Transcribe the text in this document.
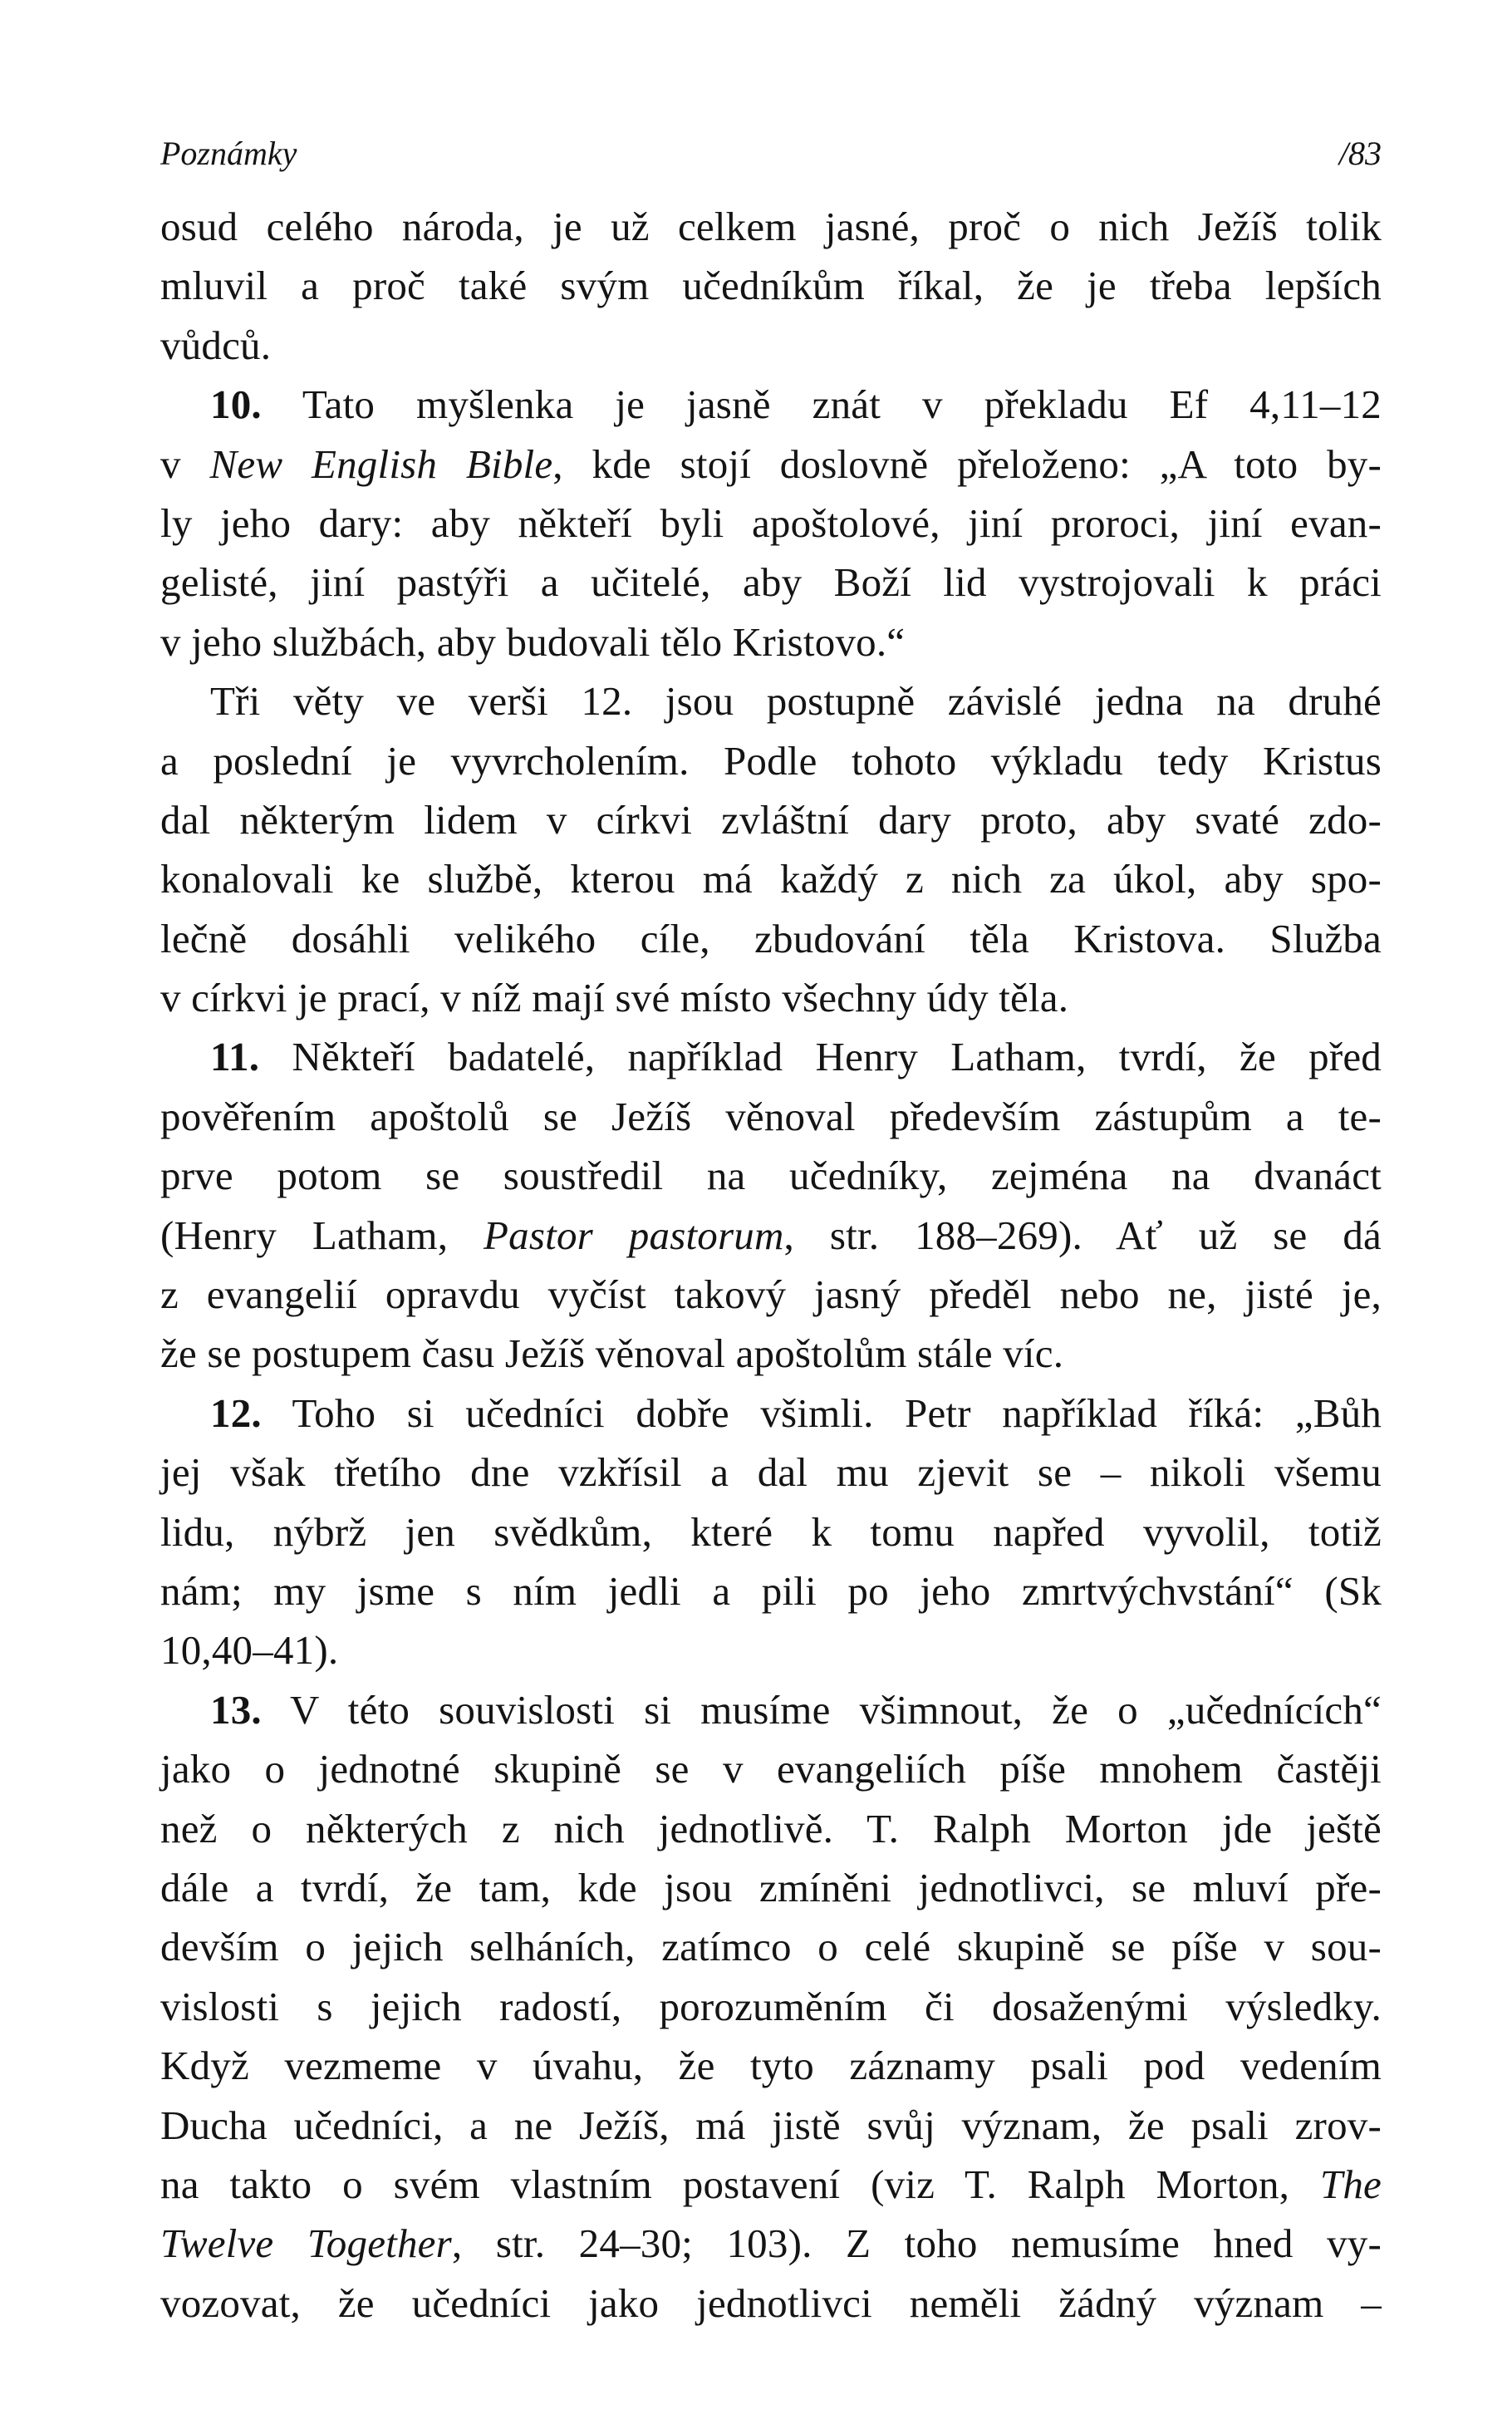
Poznámky	/83
osud celého národa, je už celkem jasné, proč o nich Ježíš tolik
mluvil a proč také svým učedníkům říkal, že je třeba lepších
vůdců.
10. Tato myšlenka je jasně znát v překladu Ef 4,11–12
v New English Bible, kde stojí doslovně přeloženo: „A toto by-
ly jeho dary: aby někteří byli apoštolové, jiní proroci, jiní evan-
gelisté, jiní pastýři a učitelé, aby Boží lid vystrojovali k práci
v jeho službách, aby budovali tělo Kristovo.“
Tři věty ve verši 12. jsou postupně závislé jedna na druhé
a poslední je vyvrcholením. Podle tohoto výkladu tedy Kristus
dal některým lidem v církvi zvláštní dary proto, aby svaté zdo-
konalovali ke službě, kterou má každý z nich za úkol, aby spo-
lečně dosáhli velikého cíle, zbudování těla Kristova. Služba
v církvi je prací, v níž mají své místo všechny údy těla.
11. Někteří badatelé, například Henry Latham, tvrdí, že před
pověřením apoštolů se Ježíš věnoval především zástupům a te-
prve potom se soustředil na učedníky, zejména na dvanáct
(Henry Latham, Pastor pastorum, str. 188–269). Ať už se dá
z evangelií opravdu vyčíst takový jasný předěl nebo ne, jisté je,
že se postupem času Ježíš věnoval apoštolům stále víc.
12. Toho si učedníci dobře všimli. Petr například říká: „Bůh
jej však třetího dne vzkřísil a dal mu zjevit se – nikoli všemu
lidu, nýbrž jen svědkům, které k tomu napřed vyvolil, totiž
nám; my jsme s ním jedli a pili po jeho zmrtvýchvstání“ (Sk
10,40–41).
13. V této souvislosti si musíme všimnout, že o „učednících“
jako o jednotné skupině se v evangeliích píše mnohem častěji
než o některých z nich jednotlivě. T. Ralph Morton jde ještě
dále a tvrdí, že tam, kde jsou zmíněni jednotlivci, se mluví pře-
devším o jejich selháních, zatímco o celé skupině se píše v sou-
vislosti s jejich radostí, porozuměním či dosaženými výsledky.
Když vezmeme v úvahu, že tyto záznamy psali pod vedením
Ducha učedníci, a ne Ježíš, má jistě svůj význam, že psali zrov-
na takto o svém vlastním postavení (viz T. Ralph Morton, The
Twelve Together, str. 24–30; 103). Z toho nemusíme hned vy-
vozovat, že učedníci jako jednotlivci neměli žádný význam –
